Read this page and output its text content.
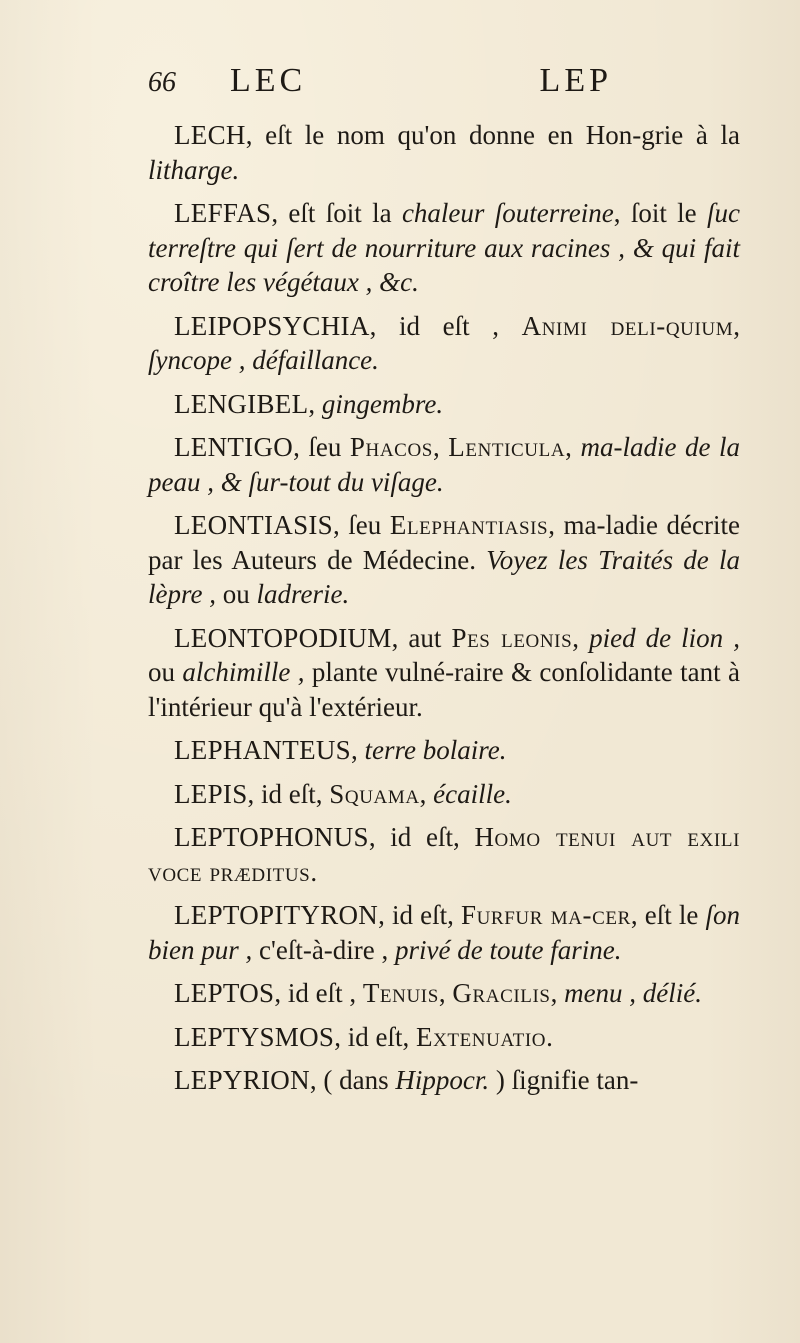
66	LEC	LEP

LECH, eſt le nom qu'on donne en Hon-grie à la litharge.

LEFFAS, eſt ſoit la chaleur ſouterreine, ſoit le ſuc terreſtre qui ſert de nourriture aux racines , & qui fait croître les végétaux , &c.

LEIPOPSYCHIA, id eſt , Animi deli-quium, ſyncope , défaillance.

LENGIBEL, gingembre.

LENTIGO, ſeu Phacos, Lenticula, ma-ladie de la peau , & ſur-tout du viſage.

LEONTIASIS, ſeu Elephantiasis, ma-ladie décrite par les Auteurs de Médecine. Voyez les Traités de la lèpre , ou ladrerie.

LEONTOPODIUM, aut Pes leonis, pied de lion , ou alchimille , plante vulné-raire & conſolidante tant à l'intérieur qu'à l'extérieur.

LEPHANTEUS, terre bolaire.

LEPIS, id eſt, Squama, écaille.

LEPTOPHONUS, id eſt, Homo tenui aut exili voce præditus.

LEPTOPITYRON, id eſt, Furfur ma-cer, eſt le ſon bien pur , c'eſt-à-dire , privé de toute farine.

LEPTOS, id eſt , Tenuis, Gracilis, menu , délié.

LEPTYSMOS, id eſt, Extenuatio.

LEPYRION, ( dans Hippocr. ) ſignifie tan-
